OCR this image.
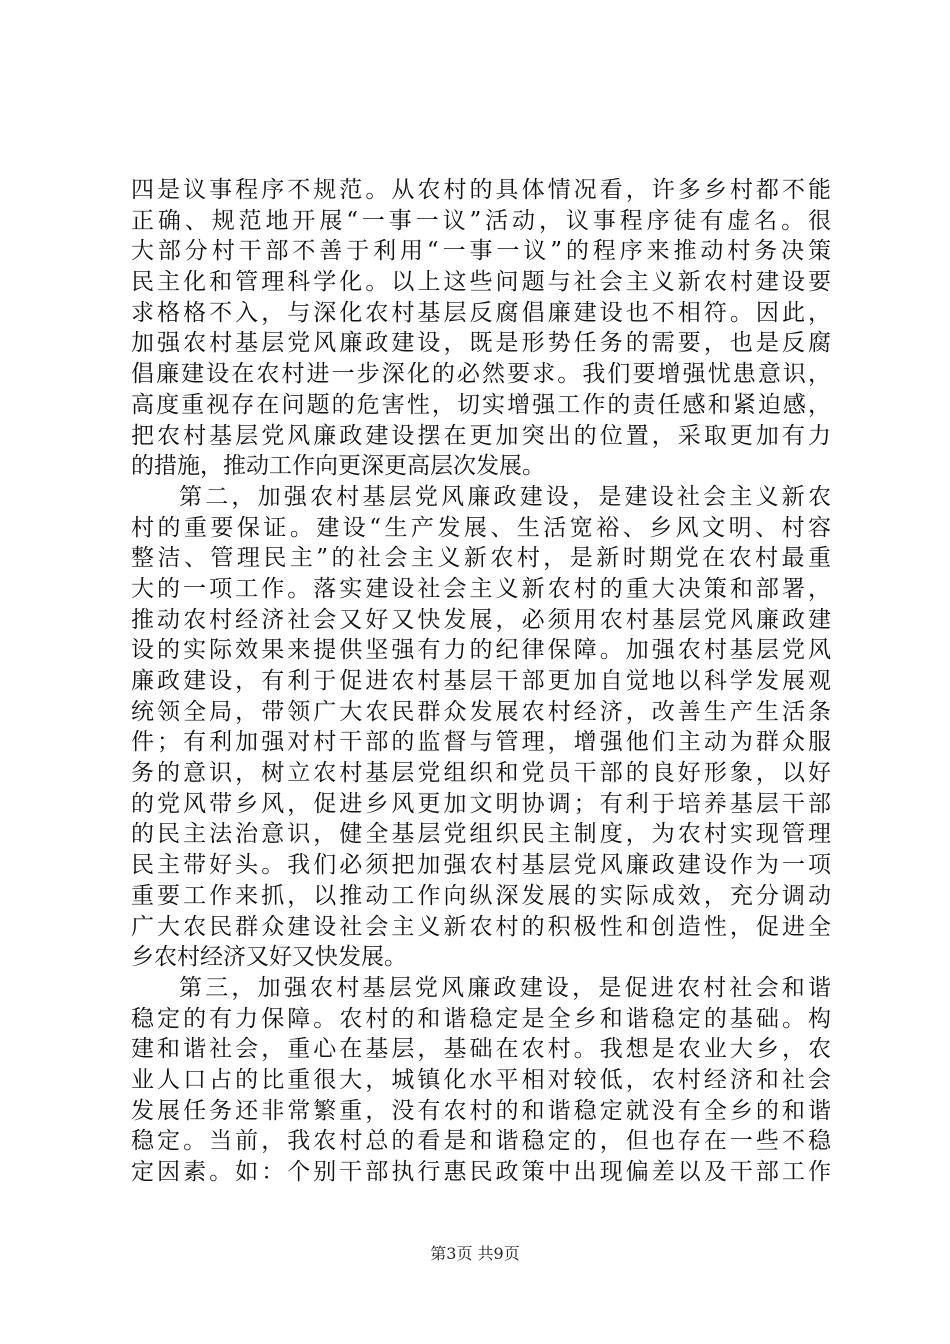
四是议事程序不规范。从农村的具体情况看，许多乡村都不能
正确、规范地开展“一事一议”活动，议事程序徒有虚名。很
大部分村干部不善于利用“一事一议”的程序来推动村务决策
民主化和管理科学化。以上这些问题与社会主义新农村建设要
求格格不入，与深化农村基层反腐倡廉建设也不相符。因此，
加强农村基层党风廉政建设，既是形势任务的需要，也是反腐
倡廉建设在农村进一步深化的必然要求。我们要增强忧患意识，
高度重视存在问题的危害性，切实增强工作的责任感和紧迫感，
把农村基层党风廉政建设摆在更加突出的位置，采取更加有力
的措施，推动工作向更深更高层次发展。
第二，加强农村基层党风廉政建设，是建设社会主义新农
村的重要保证。建设“生产发展、生活宽裕、乡风文明、村容
整洁、管理民主”的社会主义新农村，是新时期党在农村最重
大的一项工作。落实建设社会主义新农村的重大决策和部署，
推动农村经济社会又好又快发展，必须用农村基层党风廉政建
设的实际效果来提供坚强有力的纪律保障。加强农村基层党风
廉政建设，有利于促进农村基层干部更加自觉地以科学发展观
统领全局，带领广大农民群众发展农村经济，改善生产生活条
件；有利加强对村干部的监督与管理，增强他们主动为群众服
务的意识，树立农村基层党组织和党员干部的良好形象，以好
的党风带乡风，促进乡风更加文明协调；有利于培养基层干部
的民主法治意识，健全基层党组织民主制度，为农村实现管理
民主带好头。我们必须把加强农村基层党风廉政建设作为一项
重要工作来抓，以推动工作向纵深发展的实际成效，充分调动
广大农民群众建设社会主义新农村的积极性和创造性，促进全
乡农村经济又好又快发展。
第三，加强农村基层党风廉政建设，是促进农村社会和谐
稳定的有力保障。农村的和谐稳定是全乡和谐稳定的基础。构
建和谐社会，重心在基层，基础在农村。我想是农业大乡，农
业人口占的比重很大，城镇化水平相对较低，农村经济和社会
发展任务还非常繁重，没有农村的和谐稳定就没有全乡的和谐
稳定。当前，我农村总的看是和谐稳定的，但也存在一些不稳
定因素。如：个别干部执行惠民政策中出现偏差以及干部工作
第3页 共9页
